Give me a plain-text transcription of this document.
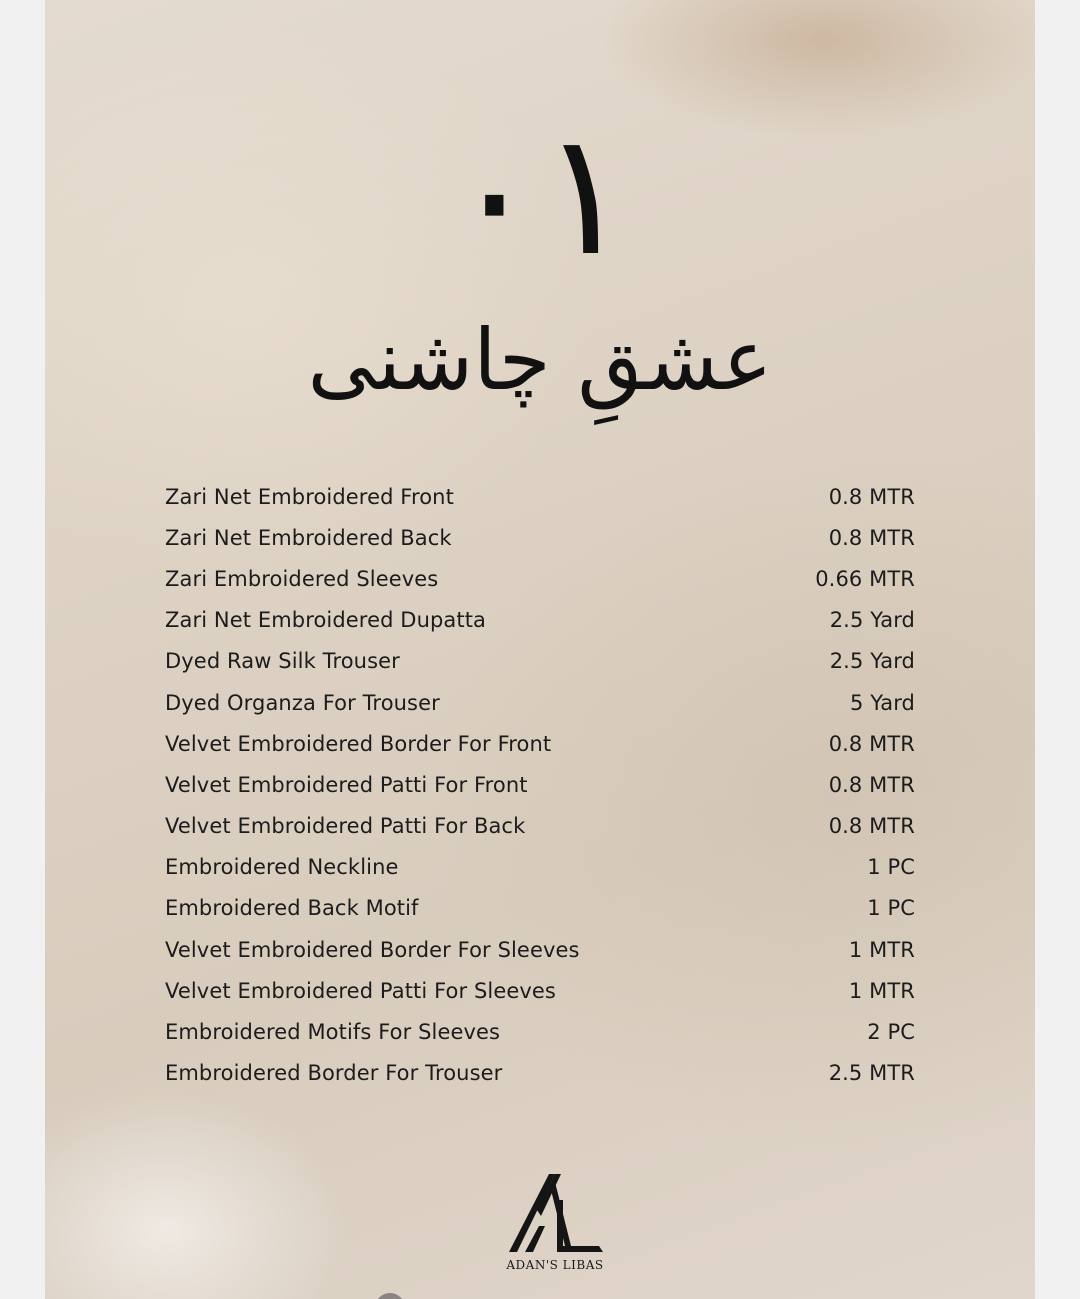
۰۱
عشقِ چاشنی
Zari Net Embroidered Front	0.8 MTR
Zari Net Embroidered Back	0.8 MTR
Zari Embroidered Sleeves	0.66 MTR
Zari Net Embroidered Dupatta	2.5 Yard
Dyed Raw Silk Trouser	2.5 Yard
Dyed Organza For Trouser	5 Yard
Velvet Embroidered Border For Front	0.8 MTR
Velvet Embroidered Patti For Front	0.8 MTR
Velvet Embroidered Patti For Back	0.8 MTR
Embroidered Neckline	1 PC
Embroidered Back Motif	1 PC
Velvet Embroidered Border For Sleeves	1 MTR
Velvet Embroidered Patti For Sleeves	1 MTR
Embroidered Motifs For Sleeves	2 PC
Embroidered Border For Trouser	2.5 MTR
ADAN'S LIBAS
